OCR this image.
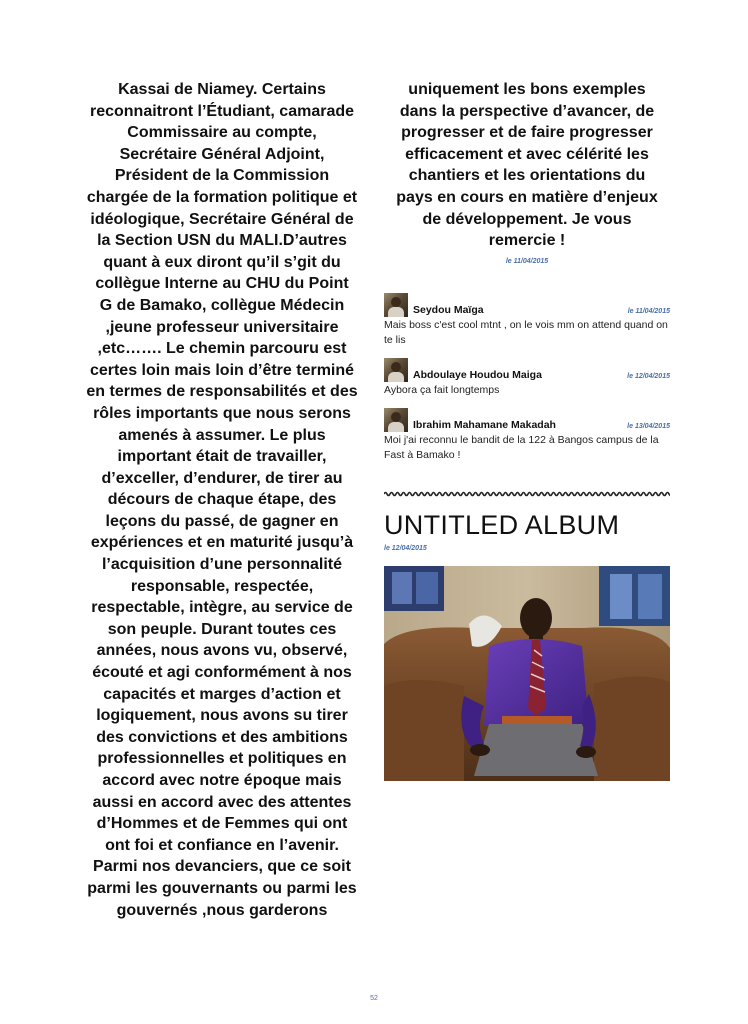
Kassai de Niamey. Certains
reconnaitront l’Étudiant, camarade
Commissaire au compte,
Secrétaire Général Adjoint,
Président de la Commission
chargée de la formation politique et
idéologique, Secrétaire Général de
la Section USN du MALI.D’autres
quant à eux diront qu’il s’git du
collègue Interne au CHU du Point
G de Bamako, collègue Médecin
,jeune professeur universitaire
,etc……. Le chemin parcouru est
certes loin mais loin d’être terminé
en termes de responsabilités et des
rôles importants que nous serons
amenés à assumer. Le plus
important était de travailler,
d’exceller, d’endurer, de tirer au
décours de chaque étape, des
leçons du passé, de gagner en
expériences et en maturité jusqu’à
l’acquisition d’une personnalité
responsable, respectée,
respectable, intègre, au service de
son peuple. Durant toutes ces
années, nous avons vu, observé,
écouté et agi conformément à nos
capacités et marges d’action et
logiquement, nous avons su tirer
des convictions et des ambitions
professionnelles et politiques en
accord avec notre époque mais
aussi en accord avec des attentes
d’Hommes et de Femmes qui ont
ont foi et confiance en l’avenir.
Parmi nos devanciers, que ce soit
parmi les gouvernants ou parmi les
gouvernés ,nous garderons
uniquement les bons exemples
dans la perspective d’avancer, de
progresser et de faire progresser
efficacement et avec célérité les
chantiers et les orientations du
pays en cours en matière d’enjeux
de développement. Je vous
remercie !
le 11/04/2015
Seydou Maïga	le 11/04/2015
Mais boss c'est cool mtnt , on le vois mm on attend quand on te lis
Abdoulaye Houdou Maiga	le 12/04/2015
Aybora ça fait longtemps
Ibrahim Mahamane Makadah	le 13/04/2015
Moi j'ai reconnu le bandit de la 122 à Bangos campus de la Fast à Bamako !
UNTITLED ALBUM
le 12/04/2015
52
